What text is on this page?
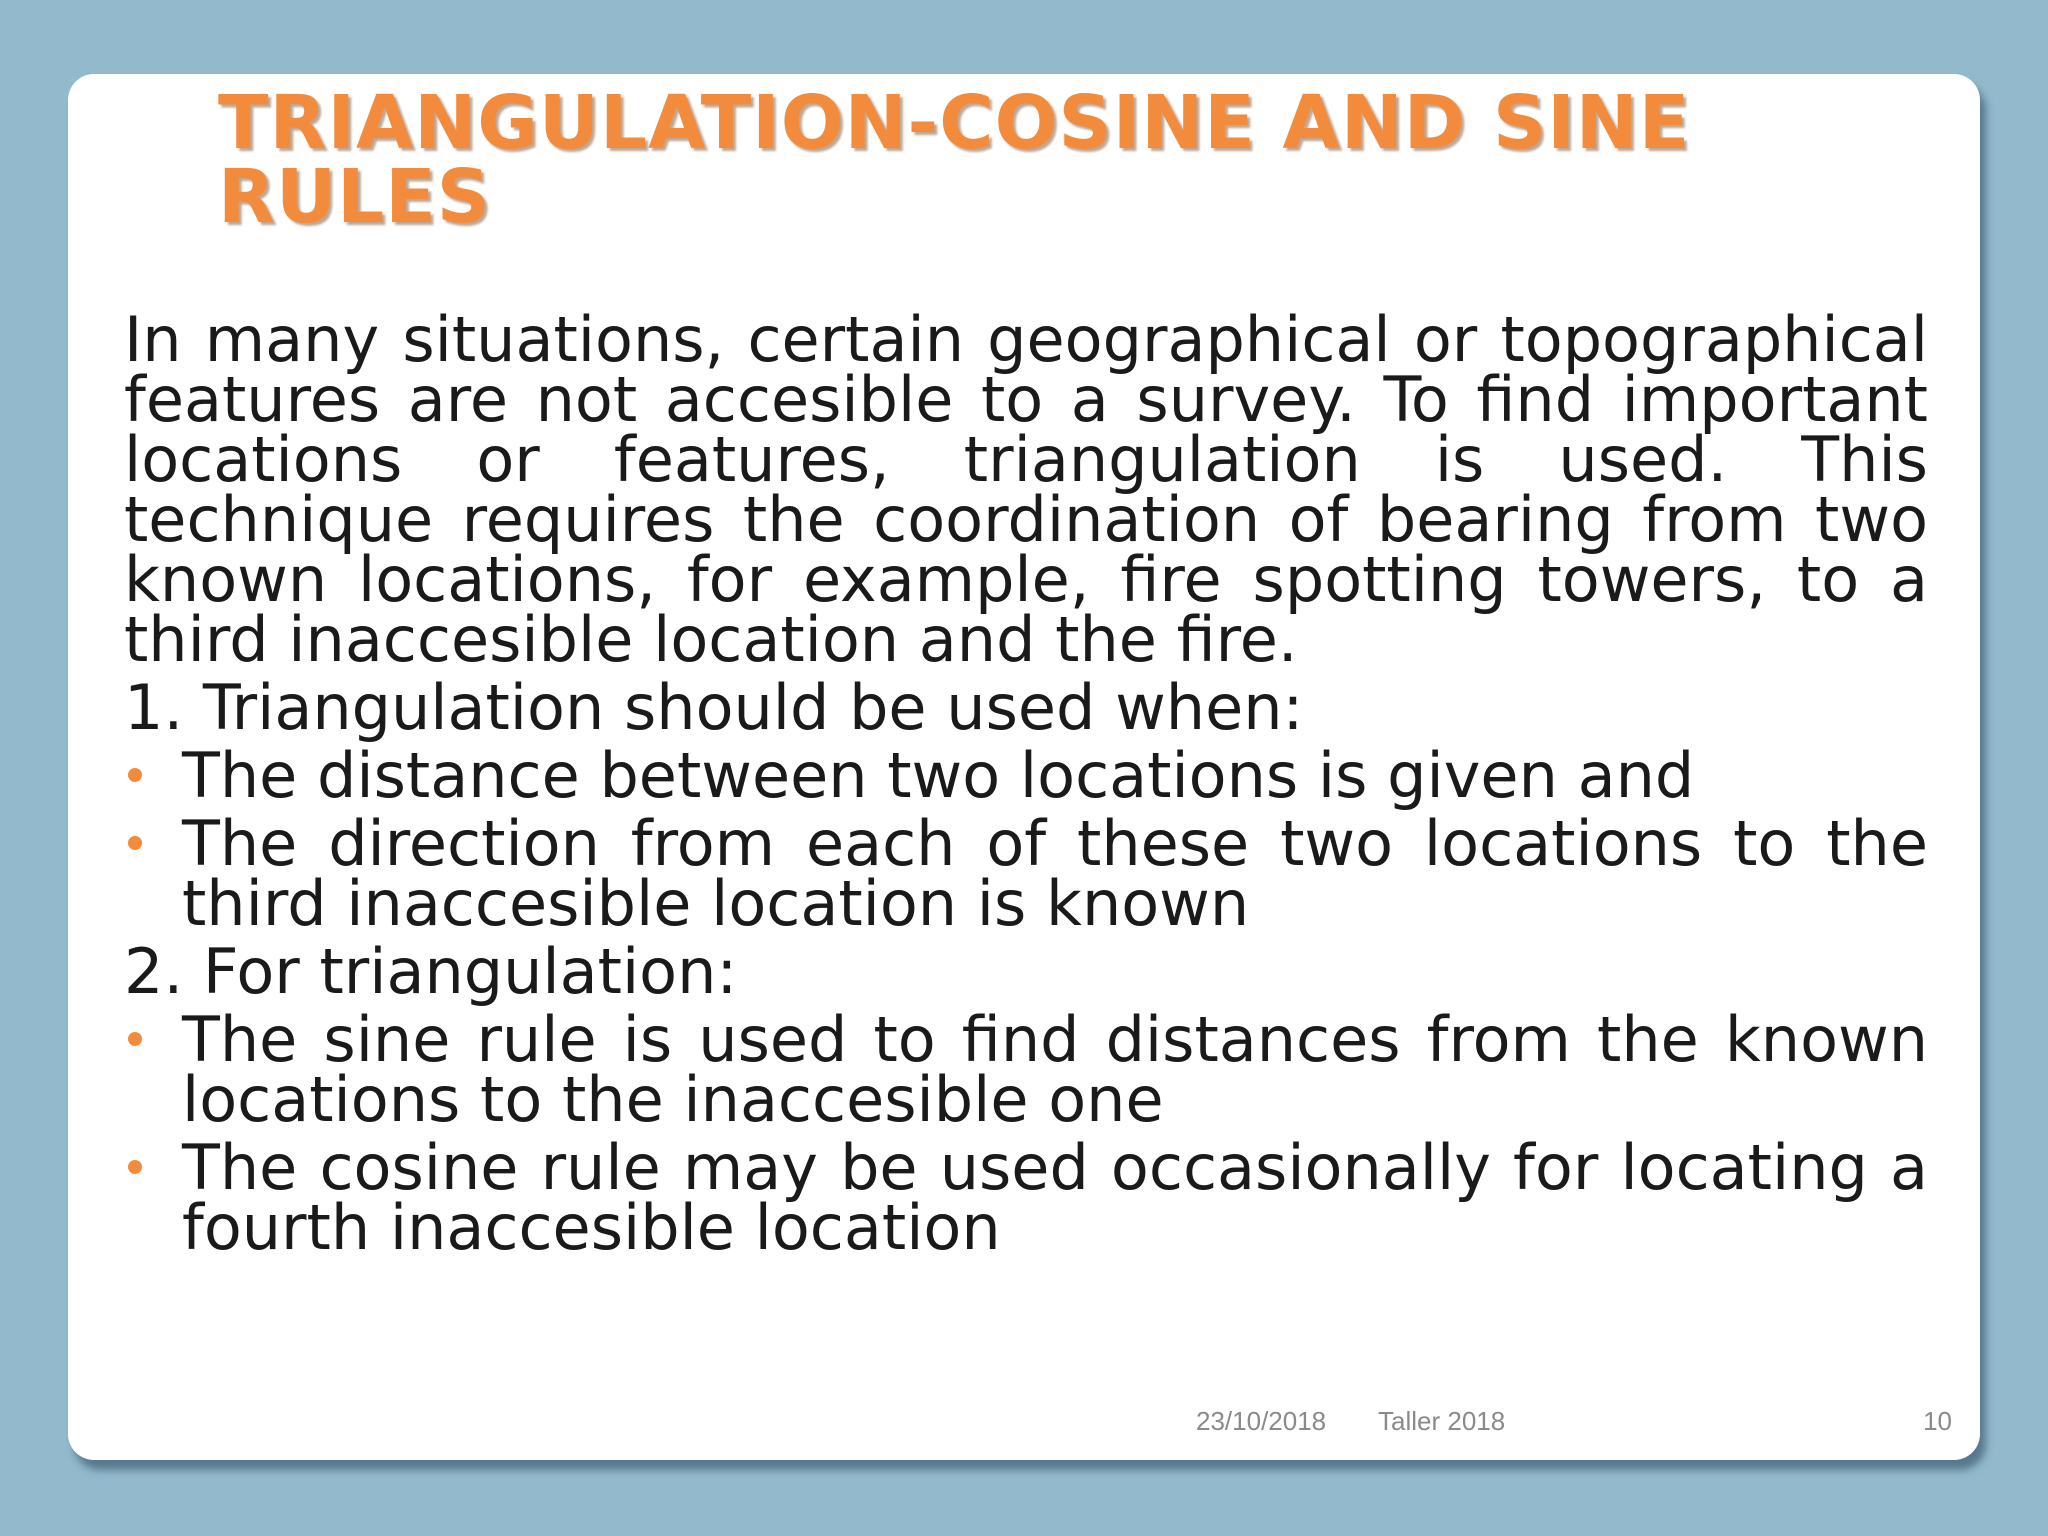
TRIANGULATION-COSINE AND SINE RULES

In many situations, certain geographical or topographical features are not accesible to a survey. To find important locations or features, triangulation is used. This technique requires the coordination of bearing from two known locations, for example, fire spotting towers, to a third inaccesible location and the fire.

1. Triangulation should be used when:
The distance between two locations is given and
The direction from each of these two locations to the third inaccesible location is known
2. For triangulation:
The sine rule is used to find distances from the known locations to the inaccesible one
The cosine rule may be used occasionally for locating a fourth inaccesible location
23/10/2018 Taller 2018	10
